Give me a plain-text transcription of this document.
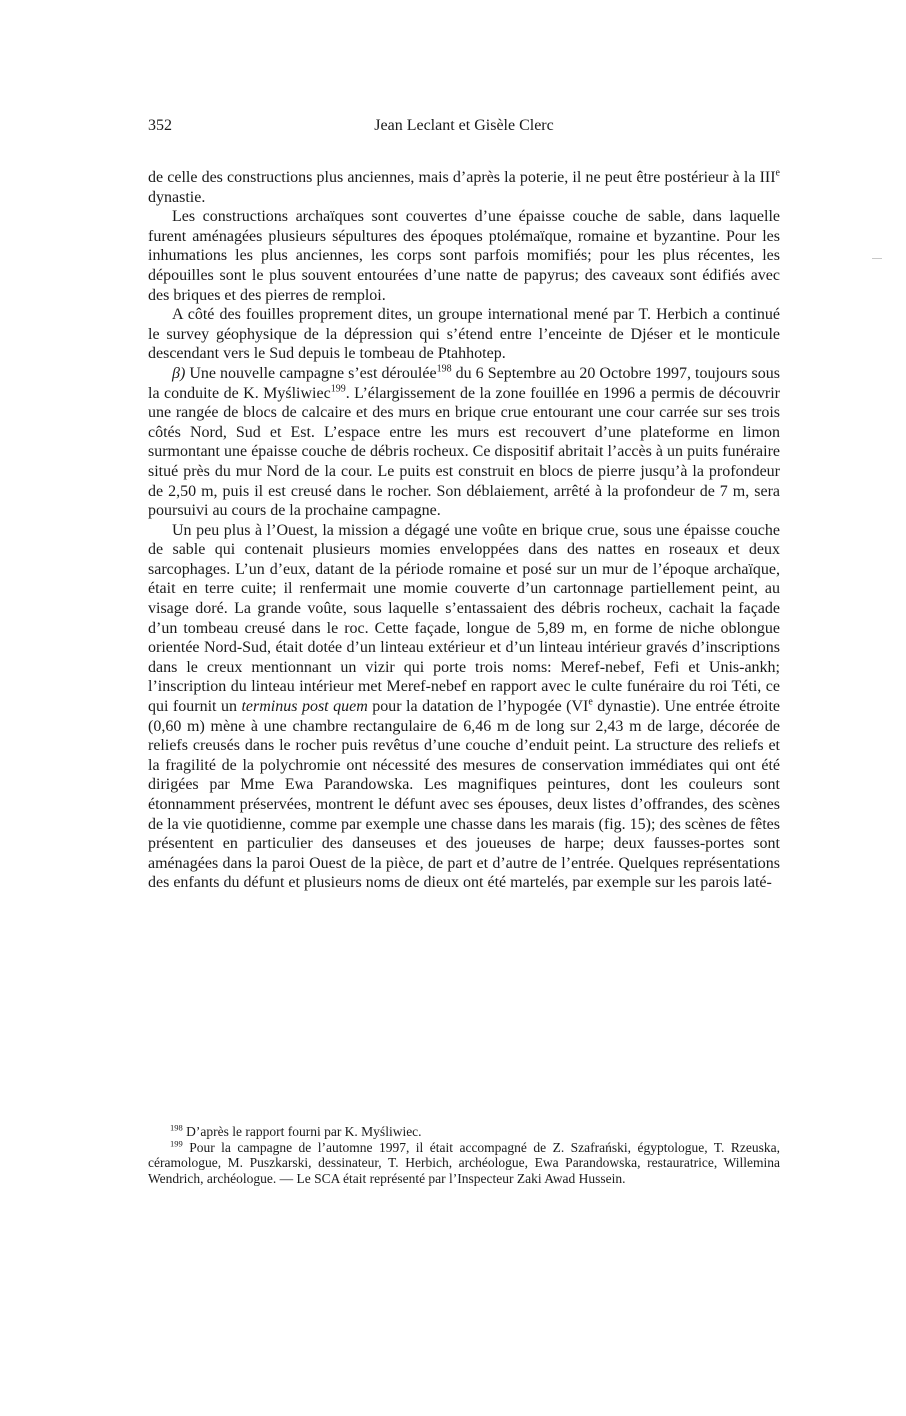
352	Jean Leclant et Gisèle Clerc

de celle des constructions plus anciennes, mais d’après la poterie, il ne peut être postérieur à la IIIe dynastie.

Les constructions archaïques sont couvertes d’une épaisse couche de sable, dans laquelle furent aménagées plusieurs sépultures des époques ptolémaïque, romaine et byzantine. Pour les inhumations les plus anciennes, les corps sont parfois momifiés; pour les plus récentes, les dépouilles sont le plus souvent entourées d’une natte de papyrus; des caveaux sont édifiés avec des briques et des pierres de remploi.

A côté des fouilles proprement dites, un groupe international mené par T. Herbich a continué le survey géophysique de la dépression qui s’étend entre l’enceinte de Djéser et le monticule descendant vers le Sud depuis le tombeau de Ptahhotep.

β) Une nouvelle campagne s’est déroulée$^{198}$ du 6 Septembre au 20 Octobre 1997, toujours sous la conduite de K. Myśliwiec$^{199}$. L’élargissement de la zone fouillée en 1996 a permis de découvrir une rangée de blocs de calcaire et des murs en brique crue entourant une cour carrée sur ses trois côtés Nord, Sud et Est. L’espace entre les murs est recouvert d’une plateforme en limon surmontant une épaisse couche de débris rocheux. Ce dispositif abritait l’accès à un puits funéraire situé près du mur Nord de la cour. Le puits est construit en blocs de pierre jusqu’à la profondeur de 2,50 m, puis il est creusé dans le rocher. Son déblaiement, arrêté à la profondeur de 7 m, sera poursuivi au cours de la prochaine campagne.

Un peu plus à l’Ouest, la mission a dégagé une voûte en brique crue, sous une épaisse couche de sable qui contenait plusieurs momies enveloppées dans des nattes en roseaux et deux sarcophages. L’un d’eux, datant de la période romaine et posé sur un mur de l’époque archaïque, était en terre cuite; il renfermait une momie couverte d’un cartonnage partiellement peint, au visage doré. La grande voûte, sous laquelle s’entassaient des débris rocheux, cachait la façade d’un tombeau creusé dans le roc. Cette façade, longue de 5,89 m, en forme de niche oblongue orientée Nord-Sud, était dotée d’un linteau extérieur et d’un linteau intérieur gravés d’inscriptions dans le creux mentionnant un vizir qui porte trois noms: Meref-nebef, Fefi et Unis-ankh; l’inscription du linteau intérieur met Meref-nebef en rapport avec le culte funéraire du roi Téti, ce qui fournit un terminus post quem pour la datation de l’hypogée (VIe dynastie). Une entrée étroite (0,60 m) mène à une chambre rectangulaire de 6,46 m de long sur 2,43 m de large, décorée de reliefs creusés dans le rocher puis revêtus d’une couche d’enduit peint. La structure des reliefs et la fragilité de la polychromie ont nécessité des mesures de conservation immédiates qui ont été dirigées par Mme Ewa Parandowska. Les magnifiques peintures, dont les couleurs sont étonnamment préservées, montrent le défunt avec ses épouses, deux listes d’offrandes, des scènes de la vie quotidienne, comme par exemple une chasse dans les marais (fig. 15); des scènes de fêtes présentent en particulier des danseuses et des joueuses de harpe; deux fausses-portes sont aménagées dans la paroi Ouest de la pièce, de part et d’autre de l’entrée. Quelques représentations des enfants du défunt et plusieurs noms de dieux ont été martelés, par exemple sur les parois laté-

$^{198}$ D’après le rapport fourni par K. Myśliwiec.

$^{199}$ Pour la campagne de l’automne 1997, il était accompagné de Z. Szafrański, égyptologue, T. Rzeuska, céramologue, M. Puszkarski, dessinateur, T. Herbich, archéologue, Ewa Parandowska, restauratrice, Willemina Wendrich, archéologue. — Le SCA était représenté par l’Inspecteur Zaki Awad Hussein.
